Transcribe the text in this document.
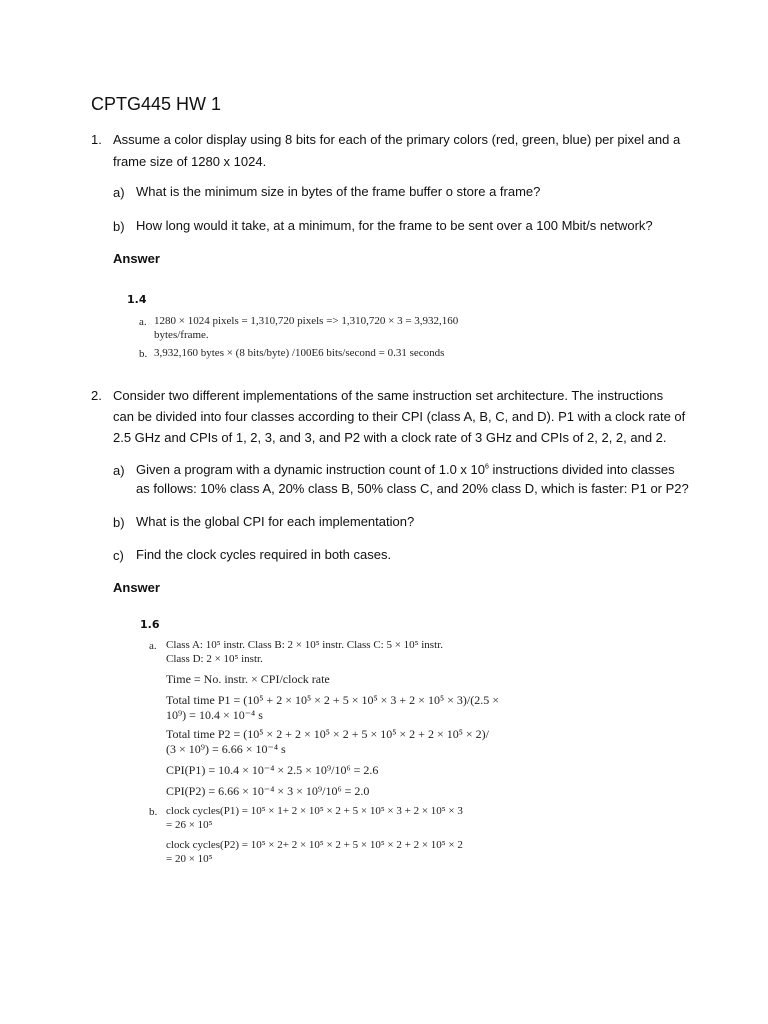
CPTG445 HW 1
1. Assume a color display using 8 bits for each of the primary colors (red, green, blue) per pixel and a
frame size of 1280 x 1024.
a) What is the minimum size in bytes of the frame buffer o store a frame?
b) How long would it take, at a minimum, for the frame to be sent over a 100 Mbit/s network?
Answer
1.4
a. 1280 × 1024 pixels = 1,310,720 pixels => 1,310,720 × 3 = 3,932,160
bytes/frame.
b. 3,932,160 bytes × (8 bits/byte) /100E6 bits/second = 0.31 seconds
2. Consider two different implementations of the same instruction set architecture. The instructions
can be divided into four classes according to their CPI (class A, B, C, and D). P1 with a clock rate of
2.5 GHz and CPIs of 1, 2, 3, and 3, and P2 with a clock rate of 3 GHz and CPIs of 2, 2, 2, and 2.
a) Given a program with a dynamic instruction count of 1.0 x $10^6$ instructions divided into classes
as follows: 10% class A, 20% class B, 50% class C, and 20% class D, which is faster: P1 or P2?
b) What is the global CPI for each implementation?
c) Find the clock cycles required in both cases.
Answer
1.6
a. Class A: 10⁵ instr. Class B: 2 × 10⁵ instr. Class C: 5 × 10⁵ instr.
Class D: 2 × 10⁵ instr.
Time = No. instr. × CPI/clock rate
Total time P1 = (10⁵ + 2 × 10⁵ × 2 + 5 × 10⁵ × 3 + 2 × 10⁵ × 3)/(2.5 ×
10⁹) = 10.4 × 10⁻⁴ s
Total time P2 = (10⁵ × 2 + 2 × 10⁵ × 2 + 5 × 10⁵ × 2 + 2 × 10⁵ × 2)/
(3 × 10⁹) = 6.66 × 10⁻⁴ s
CPI(P1) = 10.4 × 10⁻⁴ × 2.5 × 10⁹/10⁶ = 2.6
CPI(P2) = 6.66 × 10⁻⁴ × 3 × 10⁹/10⁶ = 2.0
b. clock cycles(P1) = 10⁵ × 1+ 2 × 10⁵ × 2 + 5 × 10⁵ × 3 + 2 × 10⁵ × 3
= 26 × 10⁵
clock cycles(P2) = 10⁵ × 2+ 2 × 10⁵ × 2 + 5 × 10⁵ × 2 + 2 × 10⁵ × 2
= 20 × 10⁵
